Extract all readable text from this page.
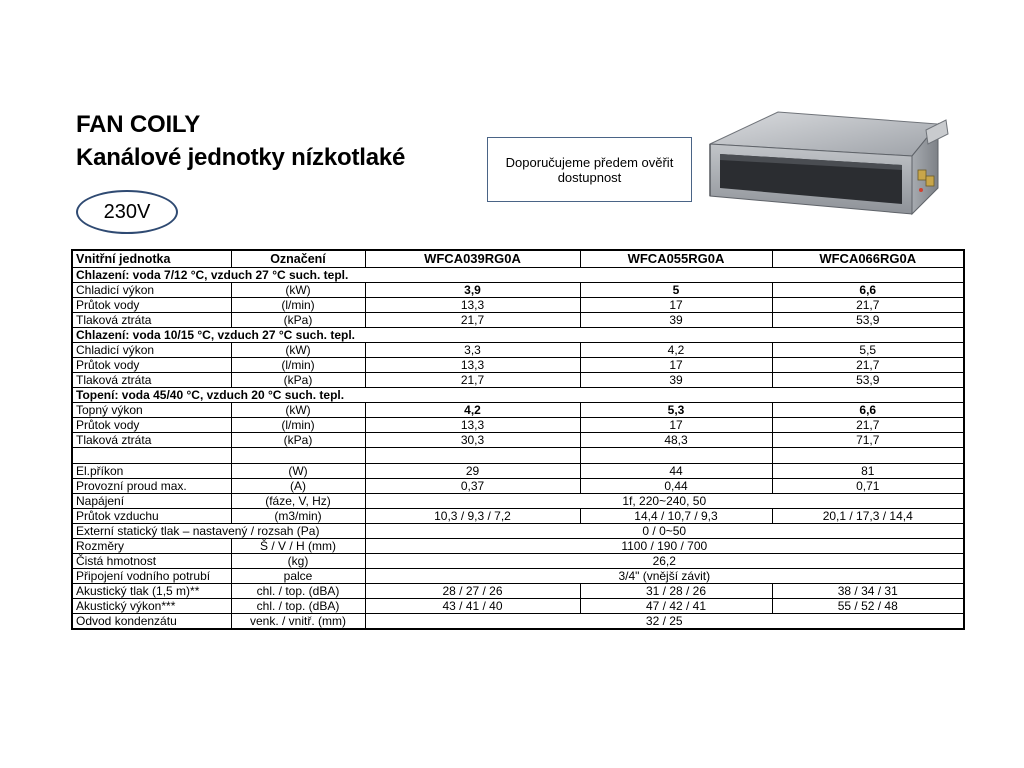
FAN COILY
Kanálové jednotky nízkotlaké
230V
Doporučujeme předem ověřit dostupnost
Vnitřní jednotka	Označení	WFCA039RG0A	WFCA055RG0A	WFCA066RG0A
Chlazení: voda 7/12 °C, vzduch 27 °C such. tepl.				
Chladicí výkon	(kW)	3,9	5	6,6
Průtok vody	(l/min)	13,3	17	21,7
Tlaková ztráta	(kPa)	21,7	39	53,9
Chlazení: voda 10/15 °C, vzduch 27 °C such. tepl.				
Chladicí výkon	(kW)	3,3	4,2	5,5
Průtok vody	(l/min)	13,3	17	21,7
Tlaková ztráta	(kPa)	21,7	39	53,9
Topení: voda 45/40 °C, vzduch 20 °C such. tepl.				
Topný výkon	(kW)	4,2	5,3	6,6
Průtok vody	(l/min)	13,3	17	21,7
Tlaková ztráta	(kPa)	30,3	48,3	71,7

El.příkon	(W)	29	44	81
Provozní proud max.	(A)	0,37	0,44	0,71
Napájení	(fáze, V, Hz)	1f, 220~240, 50		
Průtok vzduchu	(m3/min)	10,3 / 9,3 / 7,2	14,4 / 10,7 / 9,3	20,1 / 17,3 / 14,4
Externí statický tlak – nastavený / rozsah (Pa)		0 / 0~50		
Rozměry	Š / V / H (mm)	1100 / 190 / 700		
Čistá hmotnost	(kg)	26,2		
Připojení vodního potrubí	palce	3/4" (vnější závit)		
Akustický tlak (1,5 m)**	chl. / top. (dBA)	28 / 27 / 26	31 / 28 / 26	38 / 34 / 31
Akustický výkon***	chl. / top. (dBA)	43 / 41 / 40	47 / 42 / 41	55 / 52 / 48
Odvod kondenzátu	venk. / vnitř. (mm)	32 / 25		
